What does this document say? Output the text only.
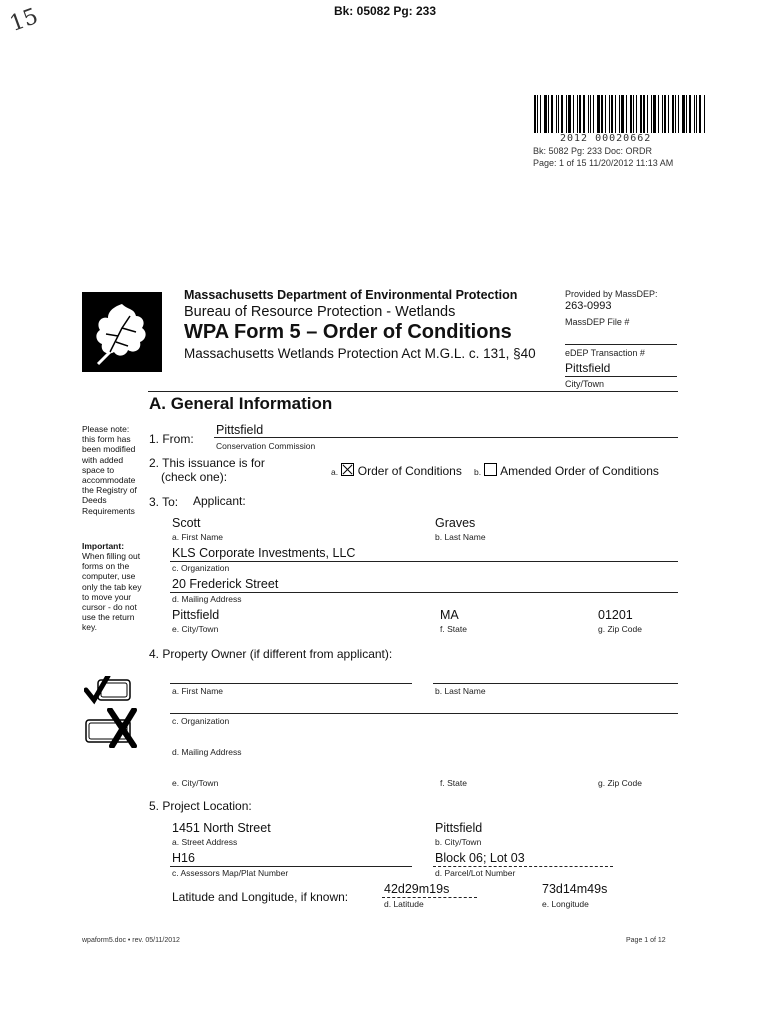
15	Bk: 05082 Pg: 233
2012 00020662
Bk: 5082 Pg: 233 Doc: ORDR
Page: 1 of 15 11/20/2012 11:13 AM
Massachusetts Department of Environmental Protection
Bureau of Resource Protection - Wetlands
WPA Form 5 – Order of Conditions
Massachusetts Wetlands Protection Act M.G.L. c. 131, §40
Provided by MassDEP:
263-0993
MassDEP File #
eDEP Transaction #
Pittsfield
City/Town
A. General Information
Please note: this form has been modified with added space to accommodate the Registry of Deeds Requirements
Important:
When filling out forms on the computer, use only the tab key to move your cursor - do not use the return key.
1. From:
Pittsfield
Conservation Commission
2. This issuance is for
(check one):	a. Order of Conditions b. Amended Order of Conditions
3. To: Applicant:
Scott
a. First Name
Graves
b. Last Name
KLS Corporate Investments, LLC
c. Organization
20 Frederick Street
d. Mailing Address
Pittsfield
e. City/Town
MA
f. State
01201
g. Zip Code
4. Property Owner (if different from applicant):
a. First Name	b. Last Name
c. Organization
d. Mailing Address
e. City/Town	f. State	g. Zip Code
5. Project Location:
1451 North Street
a. Street Address
Pittsfield
b. City/Town
H16
c. Assessors Map/Plat Number
Block 06; Lot 03
d. Parcel/Lot Number
Latitude and Longitude, if known:
42d29m19s
d. Latitude
73d14m49s
e. Longitude
wpaform5.doc • rev. 05/11/2012	Page 1 of 12
